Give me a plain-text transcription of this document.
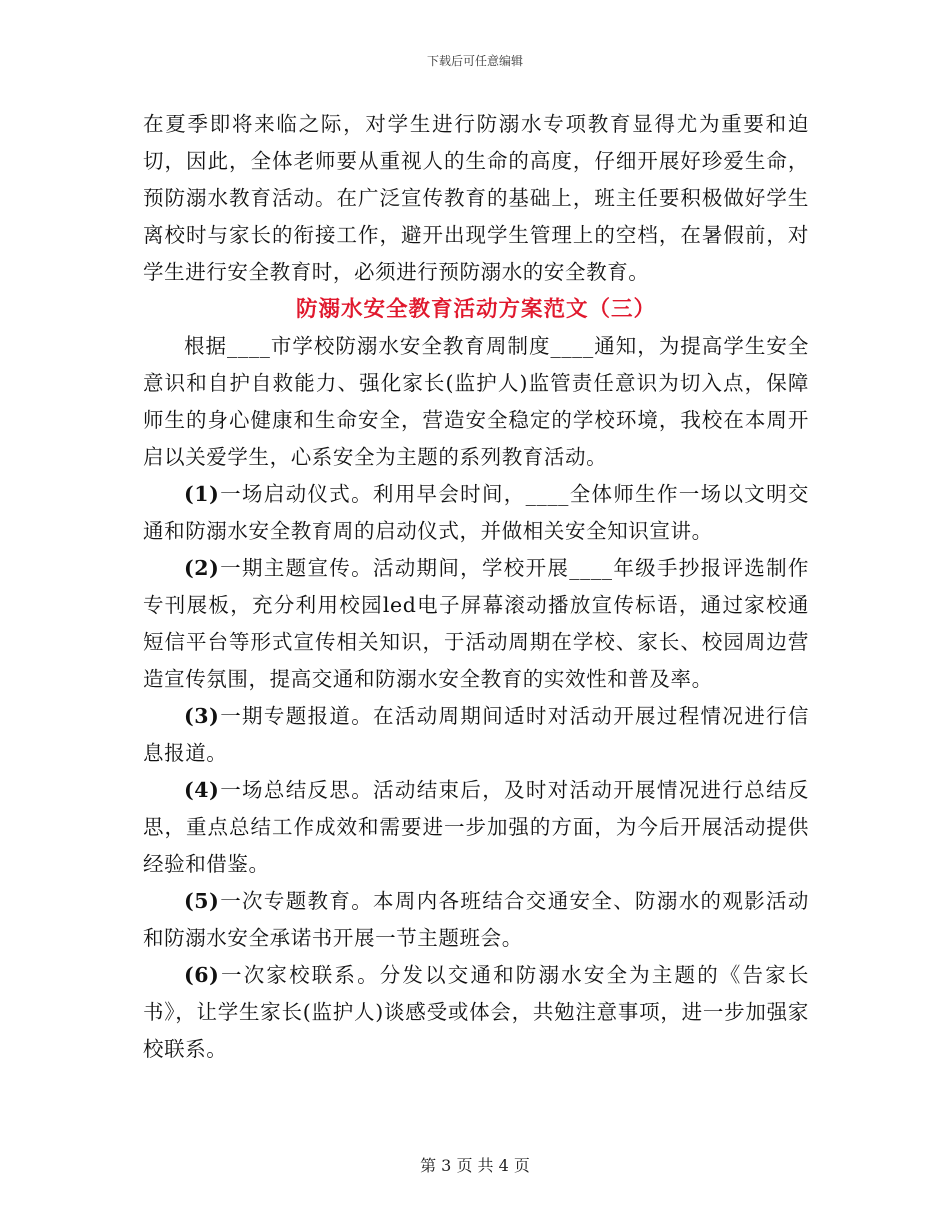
下载后可任意编辑

在夏季即将来临之际，对学生进行防溺水专项教育显得尤为重要和迫切，因此，全体老师要从重视人的生命的高度，仔细开展好珍爱生命，预防溺水教育活动。在广泛宣传教育的基础上，班主任要积极做好学生离校时与家长的衔接工作，避开出现学生管理上的空档，在暑假前，对学生进行安全教育时，必须进行预防溺水的安全教育。

防溺水安全教育活动方案范文（三）

根据____市学校防溺水安全教育周制度____通知，为提高学生安全意识和自护自救能力、强化家长(监护人)监管责任意识为切入点，保障师生的身心健康和生命安全，营造安全稳定的学校环境，我校在本周开启以关爱学生，心系安全为主题的系列教育活动。

(1)一场启动仪式。利用早会时间，____全体师生作一场以文明交通和防溺水安全教育周的启动仪式，并做相关安全知识宣讲。

(2)一期主题宣传。活动期间，学校开展____年级手抄报评选制作专刊展板，充分利用校园led电子屏幕滚动播放宣传标语，通过家校通短信平台等形式宣传相关知识，于活动周期在学校、家长、校园周边营造宣传氛围，提高交通和防溺水安全教育的实效性和普及率。

(3)一期专题报道。在活动周期间适时对活动开展过程情况进行信息报道。

(4)一场总结反思。活动结束后，及时对活动开展情况进行总结反思，重点总结工作成效和需要进一步加强的方面，为今后开展活动提供经验和借鉴。

(5)一次专题教育。本周内各班结合交通安全、防溺水的观影活动和防溺水安全承诺书开展一节主题班会。

(6)一次家校联系。分发以交通和防溺水安全为主题的《告家长书》，让学生家长(监护人)谈感受或体会，共勉注意事项，进一步加强家校联系。

第 3 页 共 4 页
